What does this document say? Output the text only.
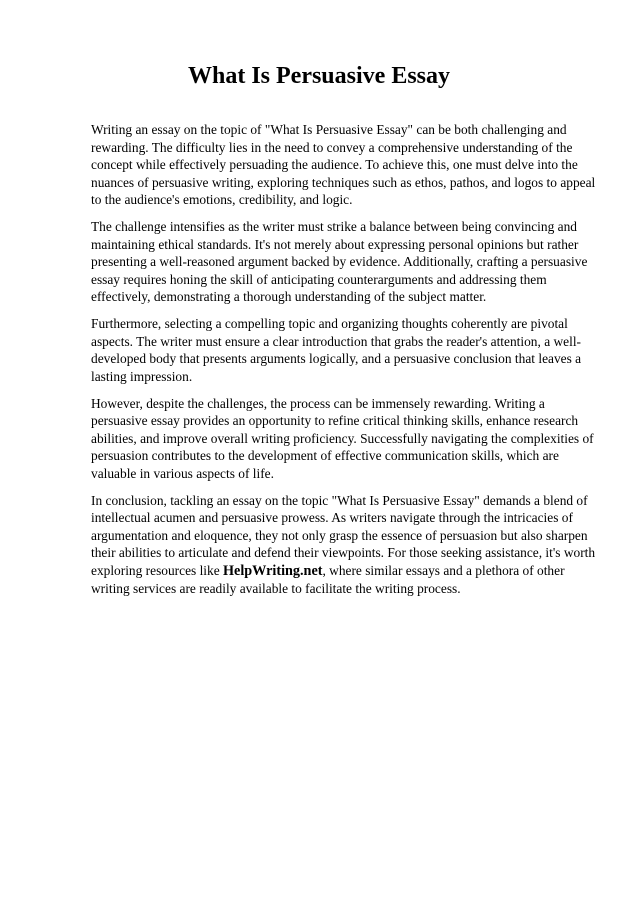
What Is Persuasive Essay

Writing an essay on the topic of "What Is Persuasive Essay" can be both challenging and rewarding. The difficulty lies in the need to convey a comprehensive understanding of the concept while effectively persuading the audience. To achieve this, one must delve into the nuances of persuasive writing, exploring techniques such as ethos, pathos, and logos to appeal to the audience's emotions, credibility, and logic.

The challenge intensifies as the writer must strike a balance between being convincing and maintaining ethical standards. It's not merely about expressing personal opinions but rather presenting a well-reasoned argument backed by evidence. Additionally, crafting a persuasive essay requires honing the skill of anticipating counterarguments and addressing them effectively, demonstrating a thorough understanding of the subject matter.

Furthermore, selecting a compelling topic and organizing thoughts coherently are pivotal aspects. The writer must ensure a clear introduction that grabs the reader's attention, a well-developed body that presents arguments logically, and a persuasive conclusion that leaves a lasting impression.

However, despite the challenges, the process can be immensely rewarding. Writing a persuasive essay provides an opportunity to refine critical thinking skills, enhance research abilities, and improve overall writing proficiency. Successfully navigating the complexities of persuasion contributes to the development of effective communication skills, which are valuable in various aspects of life.

In conclusion, tackling an essay on the topic "What Is Persuasive Essay" demands a blend of intellectual acumen and persuasive prowess. As writers navigate through the intricacies of argumentation and eloquence, they not only grasp the essence of persuasion but also sharpen their abilities to articulate and defend their viewpoints. For those seeking assistance, it's worth exploring resources like HelpWriting.net, where similar essays and a plethora of other writing services are readily available to facilitate the writing process.
